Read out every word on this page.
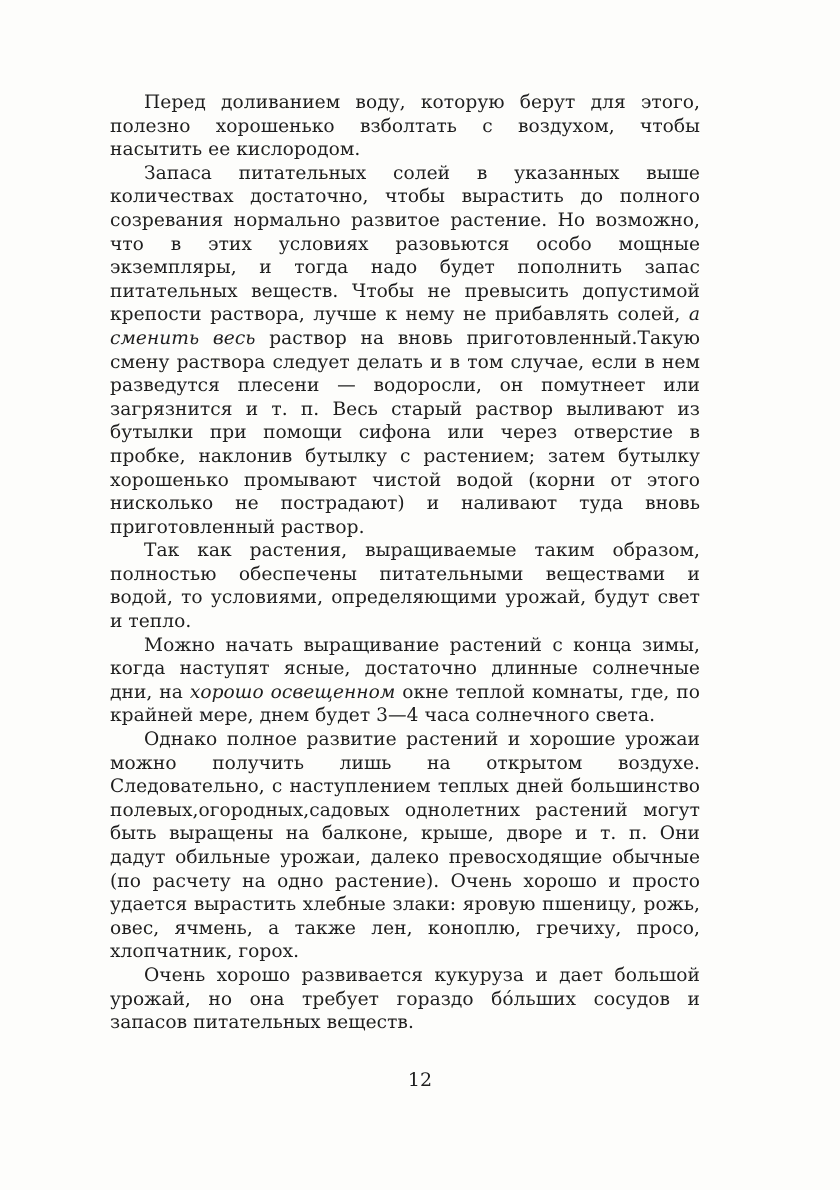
Перед доливанием воду, которую берут для этого, полезно хорошенько взболтать с воздухом, чтобы насытить ее кислородом.

Запаса питательных солей в указанных выше количествах достаточно, чтобы вырастить до полного созревания нормально развитое растение. Но возможно, что в этих условиях разовьются особо мощные экземпляры, и тогда надо будет пополнить запас питательных веществ. Чтобы не превысить допустимой крепости раствора, лучше к нему не прибавлять солей, а сменить весь раствор на вновь приготовленный.Такую смену раствора следует делать и в том случае, если в нем разведутся плесени — водоросли, он помутнеет или загрязнится и т. п. Весь старый раствор выливают из бутылки при помощи сифона или через отверстие в пробке, наклонив бутылку с растением; затем бутылку хорошенько промывают чистой водой (корни от этого нисколько не пострадают) и наливают туда вновь приготовленный раствор.

Так как растения, выращиваемые таким образом, полностью обеспечены питательными веществами и водой, то условиями, определяющими урожай, будут свет и тепло.

Можно начать выращивание растений с конца зимы, когда наступят ясные, достаточно длинные солнечные дни, на хорошо освещенном окне теплой комнаты, где, по крайней мере, днем будет 3—4 часа солнечного света.

Однако полное развитие растений и хорошие урожаи можно получить лишь на открытом воздухе. Следовательно, с наступлением теплых дней большинство полевых,огородных,садовых однолетних растений могут быть выращены на балконе, крыше, дворе и т. п. Они дадут обильные урожаи, далеко превосходящие обычные (по расчету на одно растение). Очень хорошо и просто удается вырастить хлебные злаки: яровую пшеницу, рожь, овес, ячмень, а также лен, коноплю, гречиху, просо, хлопчатник, горох.

Очень хорошо развивается кукуруза и дает большой урожай, но она требует гораздо бо́льших сосудов и запасов питательных веществ.

12
